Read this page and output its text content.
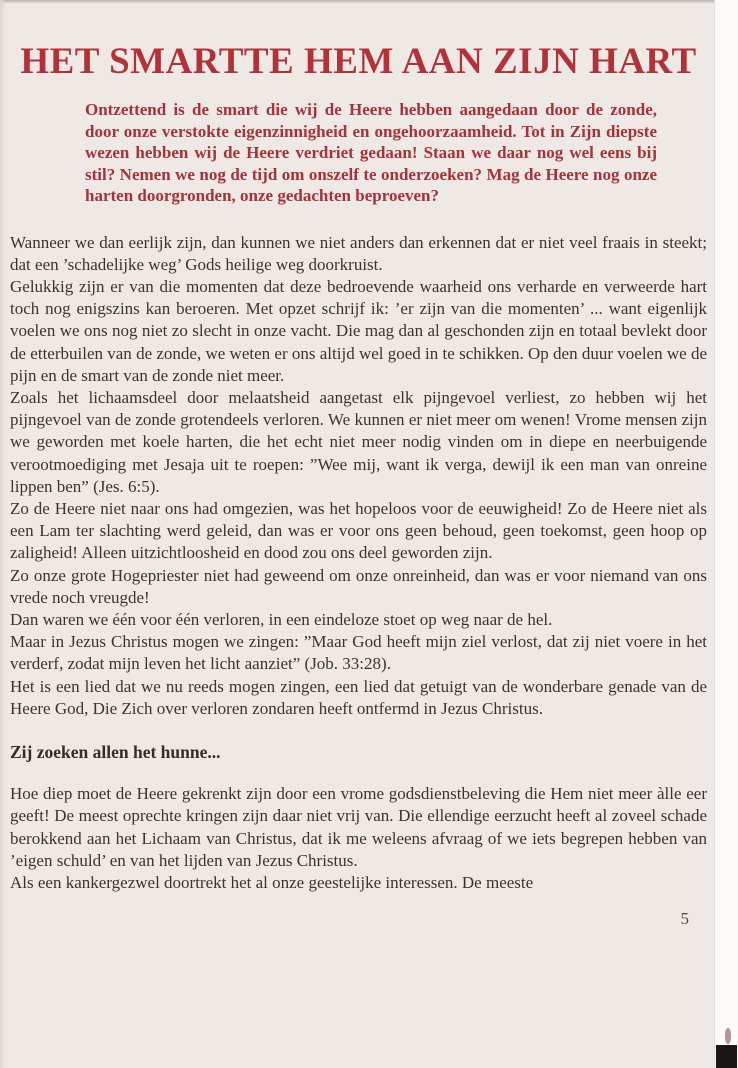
HET SMARTTE HEM AAN ZIJN HART
Ontzettend is de smart die wij de Heere hebben aangedaan door de zonde, door onze verstokte eigenzinnigheid en ongehoorzaamheid. Tot in Zijn diepste wezen hebben wij de Heere verdriet gedaan! Staan we daar nog wel eens bij stil? Nemen we nog de tijd om onszelf te onderzoeken? Mag de Heere nog onze harten doorgronden, onze gedachten beproeven?

Wanneer we dan eerlijk zijn, dan kunnen we niet anders dan erkennen dat er niet veel fraais in steekt; dat een ’schadelijke weg’ Gods heilige weg doorkruist.

Gelukkig zijn er van die momenten dat deze bedroevende waarheid ons verharde en verweerde hart toch nog enigszins kan beroeren. Met opzet schrijf ik: ’er zijn van die momenten’ ... want eigenlijk voelen we ons nog niet zo slecht in onze vacht. Die mag dan al geschonden zijn en totaal bevlekt door de etterbuilen van de zonde, we weten er ons altijd wel goed in te schikken. Op den duur voelen we de pijn en de smart van de zonde niet meer.

Zoals het lichaamsdeel door melaatsheid aangetast elk pijngevoel verliest, zo hebben wij het pijngevoel van de zonde grotendeels verloren. We kunnen er niet meer om wenen! Vrome mensen zijn we geworden met koele harten, die het echt niet meer nodig vinden om in diepe en neerbuigende verootmoediging met Jesaja uit te roepen: ”Wee mij, want ik verga, dewijl ik een man van onreine lippen ben” (Jes. 6:5).

Zo de Heere niet naar ons had omgezien, was het hopeloos voor de eeuwigheid! Zo de Heere niet als een Lam ter slachting werd geleid, dan was er voor ons geen behoud, geen toekomst, geen hoop op zaligheid! Alleen uitzichtloosheid en dood zou ons deel geworden zijn.

Zo onze grote Hogepriester niet had geweend om onze onreinheid, dan was er voor niemand van ons vrede noch vreugde!

Dan waren we één voor één verloren, in een eindeloze stoet op weg naar de hel.

Maar in Jezus Christus mogen we zingen: ”Maar God heeft mijn ziel verlost, dat zij niet voere in het verderf, zodat mijn leven het licht aanziet” (Job. 33:28).

Het is een lied dat we nu reeds mogen zingen, een lied dat getuigt van de wonderbare genade van de Heere God, Die Zich over verloren zondaren heeft ontfermd in Jezus Christus.

Zij zoeken allen het hunne...

Hoe diep moet de Heere gekrenkt zijn door een vrome godsdienstbeleving die Hem niet meer àlle eer geeft! De meest oprechte kringen zijn daar niet vrij van. Die ellendige eerzucht heeft al zoveel schade berokkend aan het Lichaam van Christus, dat ik me weleens afvraag of we iets begrepen hebben van ’eigen schuld’ en van het lijden van Jezus Christus.

Als een kankergezwel doortrekt het al onze geestelijke interessen. De meeste

5
